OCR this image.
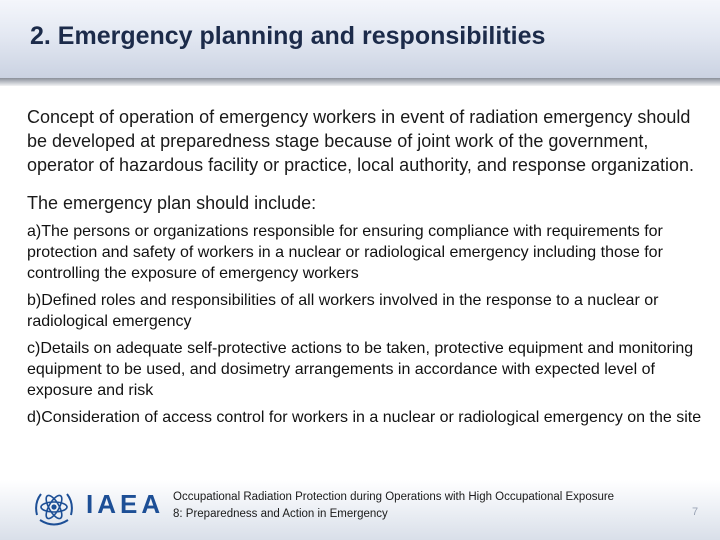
2. Emergency planning and responsibilities

Concept of operation of emergency workers in event of radiation emergency should be developed at preparedness stage because of joint work of the government, operator of hazardous facility or practice, local authority, and response organization.

The emergency plan should include:

a)The persons or organizations responsible for ensuring compliance with requirements for protection and safety of workers in a nuclear or radiological emergency including those for controlling the exposure of emergency workers
b)Defined roles and responsibilities of all workers involved in the response to a nuclear or radiological emergency
c)Details on adequate self-protective actions to be taken, protective equipment and monitoring equipment to be used, and dosimetry arrangements in accordance with expected level of exposure and risk
d)Consideration of access control for workers in a nuclear or radiological emergency on the site
IAEA Occupational Radiation Protection during Operations with High Occupational Exposure
8: Preparedness and Action in Emergency	7
